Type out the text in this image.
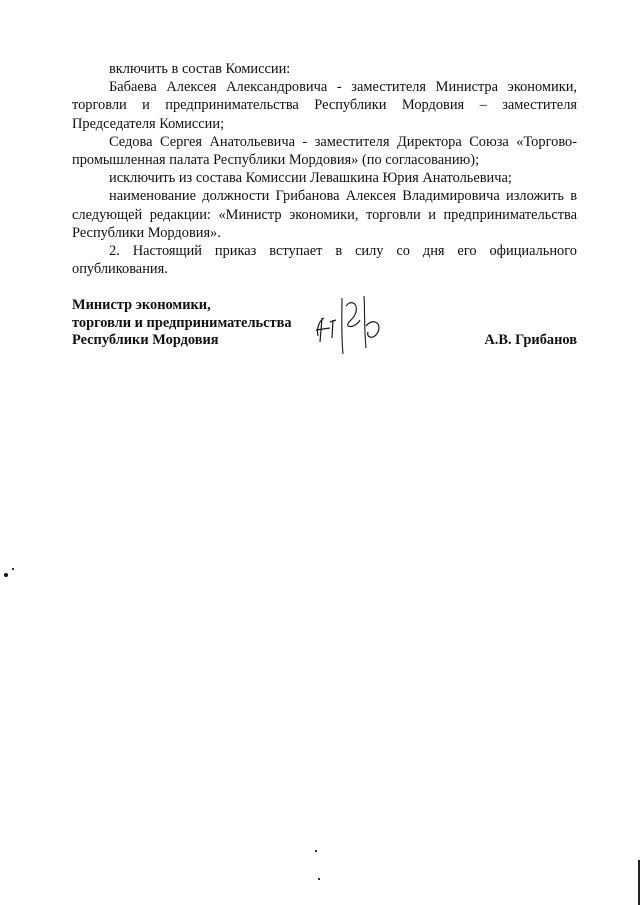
включить в состав Комиссии:

Бабаева Алексея Александровича - заместителя Министра экономики, торговли и предпринимательства Республики Мордовия – заместителя Председателя Комиссии;

Седова Сергея Анатольевича - заместителя Директора Союза «Торгово-промышленная палата Республики Мордовия» (по согласованию);

исключить из состава Комиссии Левашкина Юрия Анатольевича;

наименование должности Грибанова Алексея Владимировича изложить в следующей редакции: «Министр экономики, торговли и предпринимательства Республики Мордовия».

2. Настоящий приказ вступает в силу со дня его официального опубликования.

Министр экономики,
торговли и предпринимательства
Республики Мордовия	А.В. Грибанов
